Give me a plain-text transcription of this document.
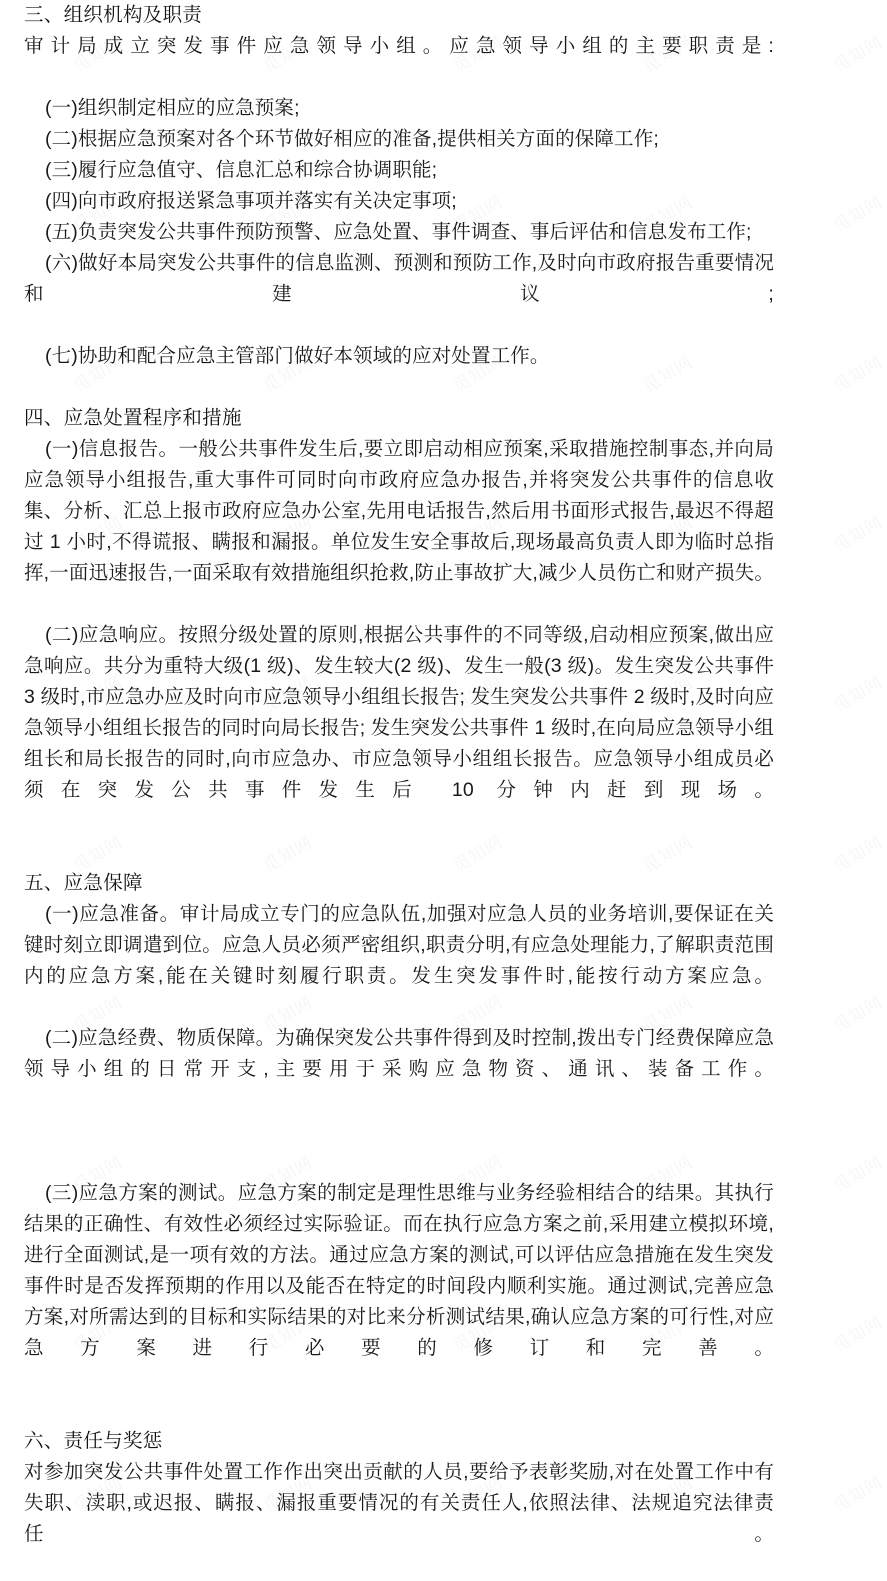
三、组织机构及职责

审计局成立突发事件应急领导小组。应急领导小组的主要职责是:

(一)组织制定相应的应急预案;

(二)根据应急预案对各个环节做好相应的准备,提供相关方面的保障工作;

(三)履行应急值守、信息汇总和综合协调职能;

(四)向市政府报送紧急事项并落实有关决定事项;

(五)负责突发公共事件预防预警、应急处置、事件调查、事后评估和信息发布工作;

(六)做好本局突发公共事件的信息监测、预测和预防工作,及时向市政府报告重要情况和建议;

(七)协助和配合应急主管部门做好本领域的应对处置工作。

四、应急处置程序和措施

(一)信息报告。一般公共事件发生后,要立即启动相应预案,采取措施控制事态,并向局应急领导小组报告,重大事件可同时向市政府应急办报告,并将突发公共事件的信息收集、分析、汇总上报市政府应急办公室,先用电话报告,然后用书面形式报告,最迟不得超过 1 小时,不得谎报、瞒报和漏报。单位发生安全事故后,现场最高负责人即为临时总指挥,一面迅速报告,一面采取有效措施组织抢救,防止事故扩大,减少人员伤亡和财产损失。

(二)应急响应。按照分级处置的原则,根据公共事件的不同等级,启动相应预案,做出应急响应。共分为重特大级(1 级)、发生较大(2 级)、发生一般(3 级)。发生突发公共事件 3 级时,市应急办应及时向市应急领导小组组长报告; 发生突发公共事件 2 级时,及时向应急领导小组组长报告的同时向局长报告; 发生突发公共事件 1 级时,在向局应急领导小组组长和局长报告的同时,向市应急办、市应急领导小组组长报告。应急领导小组成员必须在突发公共事件发生后 10 分钟内赶到现场。

五、应急保障

(一)应急准备。审计局成立专门的应急队伍,加强对应急人员的业务培训,要保证在关键时刻立即调遣到位。应急人员必须严密组织,职责分明,有应急处理能力,了解职责范围内的应急方案,能在关键时刻履行职责。发生突发事件时,能按行动方案应急。

(二)应急经费、物质保障。为确保突发公共事件得到及时控制,拨出专门经费保障应急领导小组的日常开支,主要用于采购应急物资、通讯、装备工作。

(三)应急方案的测试。应急方案的制定是理性思维与业务经验相结合的结果。其执行结果的正确性、有效性必须经过实际验证。而在执行应急方案之前,采用建立模拟环境,进行全面测试,是一项有效的方法。通过应急方案的测试,可以评估应急措施在发生突发事件时是否发挥预期的作用以及能否在特定的时间段内顺利实施。通过测试,完善应急方案,对所需达到的目标和实际结果的对比来分析测试结果,确认应急方案的可行性,对应急方案进行必要的修订和完善。

六、责任与奖惩

对参加突发公共事件处置工作作出突出贡献的人员,要给予表彰奖励,对在处置工作中有失职、渎职,或迟报、瞒报、漏报重要情况的有关责任人,依照法律、法规追究法律责任。
